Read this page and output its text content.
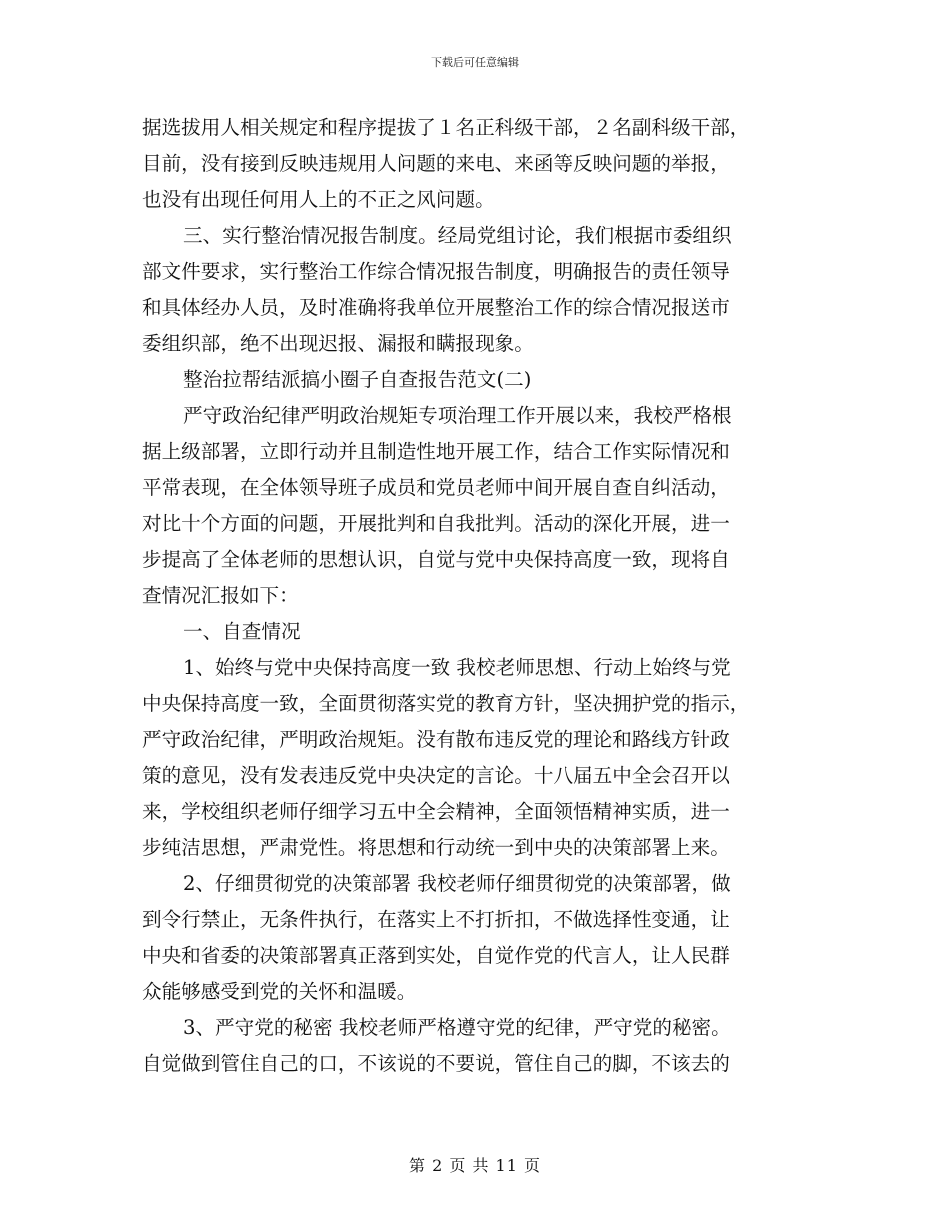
下载后可任意编辑
据选拔用人相关规定和程序提拔了１名正科级干部，２名副科级干部，
目前，没有接到反映违规用人问题的来电、来函等反映问题的举报，
也没有出现任何用人上的不正之风问题。
三、实行整治情况报告制度。经局党组讨论，我们根据市委组织
部文件要求，实行整治工作综合情况报告制度，明确报告的责任领导
和具体经办人员，及时准确将我单位开展整治工作的综合情况报送市
委组织部，绝不出现迟报、漏报和瞒报现象。
整治拉帮结派搞小圈子自查报告范文(二)
严守政治纪律严明政治规矩专项治理工作开展以来，我校严格根
据上级部署，立即行动并且制造性地开展工作，结合工作实际情况和
平常表现，在全体领导班子成员和党员老师中间开展自查自纠活动，
对比十个方面的问题，开展批判和自我批判。活动的深化开展，进一
步提高了全体老师的思想认识，自觉与党中央保持高度一致，现将自
查情况汇报如下：
一、自查情况
1、始终与党中央保持高度一致 我校老师思想、行动上始终与党
中央保持高度一致，全面贯彻落实党的教育方针，坚决拥护党的指示，
严守政治纪律，严明政治规矩。没有散布违反党的理论和路线方针政
策的意见，没有发表违反党中央决定的言论。十八届五中全会召开以
来，学校组织老师仔细学习五中全会精神，全面领悟精神实质，进一
步纯洁思想，严肃党性。将思想和行动统一到中央的决策部署上来。
2、仔细贯彻党的决策部署 我校老师仔细贯彻党的决策部署，做
到令行禁止，无条件执行，在落实上不打折扣，不做选择性变通，让
中央和省委的决策部署真正落到实处，自觉作党的代言人，让人民群
众能够感受到党的关怀和温暖。
3、严守党的秘密 我校老师严格遵守党的纪律，严守党的秘密。
自觉做到管住自己的口，不该说的不要说，管住自己的脚，不该去的
第 2 页 共 11 页
